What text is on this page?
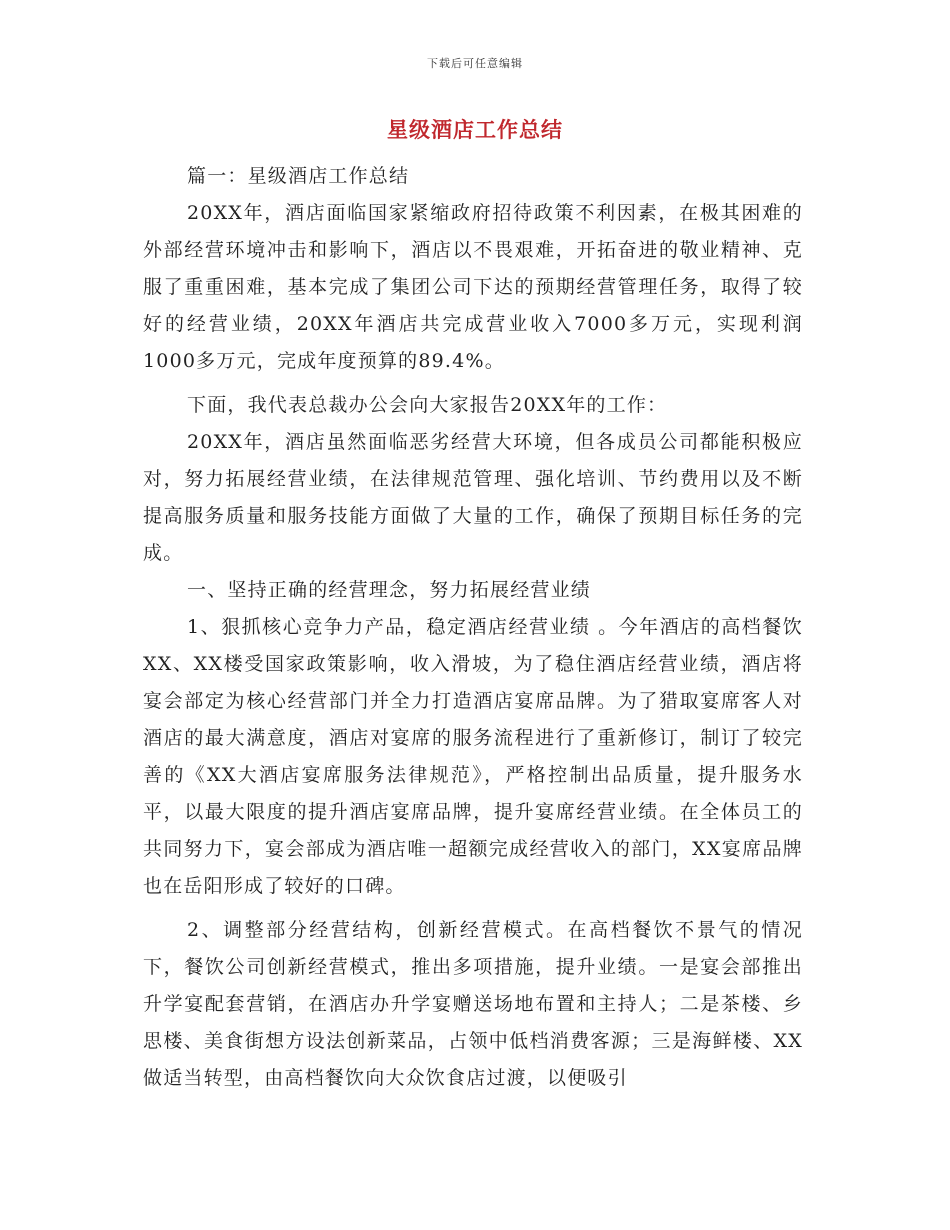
下载后可任意编辑
星级酒店工作总结

篇一：星级酒店工作总结

20XX年，酒店面临国家紧缩政府招待政策不利因素，在极其困难的外部经营环境冲击和影响下，酒店以不畏艰难，开拓奋进的敬业精神、克服了重重困难，基本完成了集团公司下达的预期经营管理任务，取得了较好的经营业绩，20XX年酒店共完成营业收入7000多万元，实现利润1000多万元，完成年度预算的89.4%。

下面，我代表总裁办公会向大家报告20XX年的工作：

20XX年，酒店虽然面临恶劣经营大环境，但各成员公司都能积极应对，努力拓展经营业绩，在法律规范管理、强化培训、节约费用以及不断提高服务质量和服务技能方面做了大量的工作，确保了预期目标任务的完成。

一、坚持正确的经营理念，努力拓展经营业绩

1、狠抓核心竞争力产品，稳定酒店经营业绩 。今年酒店的高档餐饮XX、XX楼受国家政策影响，收入滑坡，为了稳住酒店经营业绩，酒店将宴会部定为核心经营部门并全力打造酒店宴席品牌。为了猎取宴席客人对酒店的最大满意度，酒店对宴席的服务流程进行了重新修订，制订了较完善的《XX大酒店宴席服务法律规范》，严格控制出品质量，提升服务水平，以最大限度的提升酒店宴席品牌，提升宴席经营业绩。在全体员工的共同努力下，宴会部成为酒店唯一超额完成经营收入的部门，XX宴席品牌也在岳阳形成了较好的口碑。

2、调整部分经营结构，创新经营模式。在高档餐饮不景气的情况下，餐饮公司创新经营模式，推出多项措施，提升业绩。一是宴会部推出升学宴配套营销，在酒店办升学宴赠送场地布置和主持人；二是茶楼、乡思楼、美食街想方设法创新菜品，占领中低档消费客源；三是海鲜楼、XX做适当转型，由高档餐饮向大众饮食店过渡，以便吸引
